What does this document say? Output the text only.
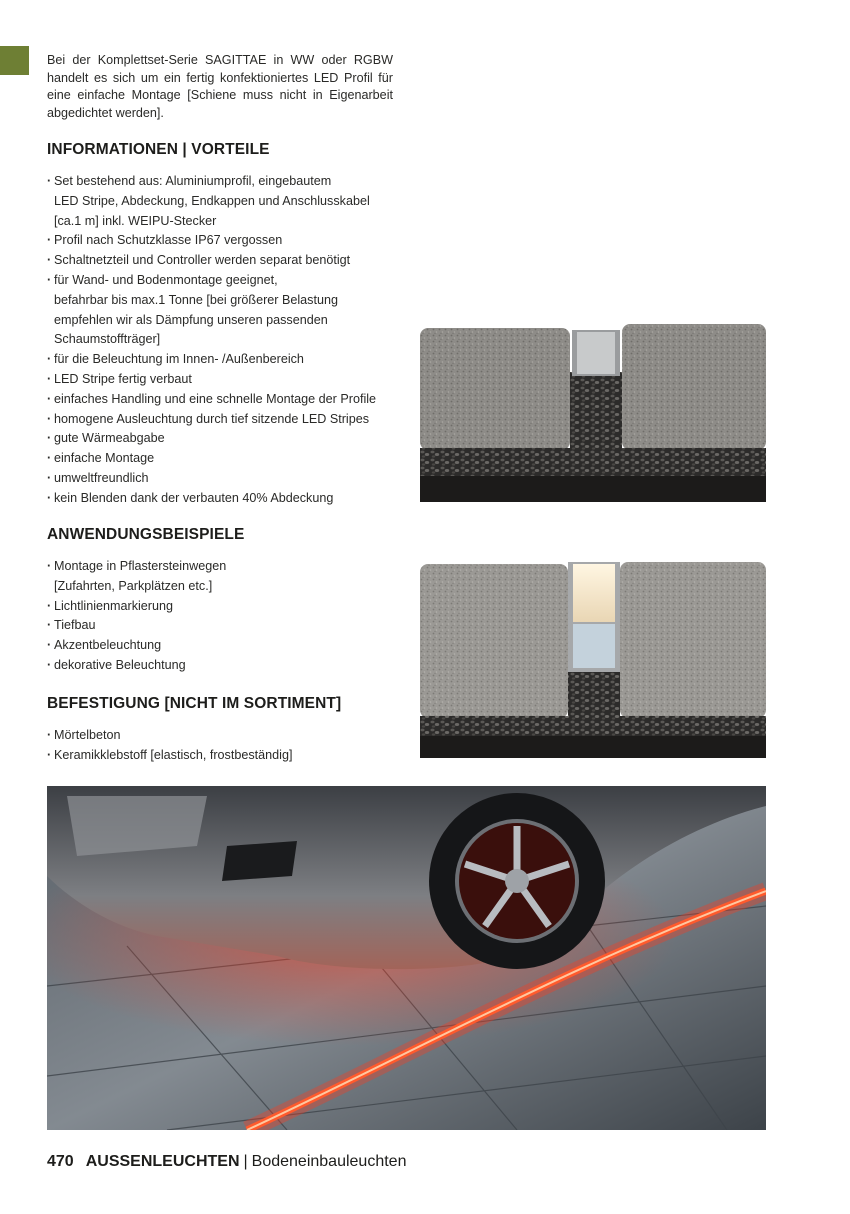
Bei der Komplettset-Serie SAGITTAE in WW oder RGBW handelt es sich um ein fertig konfektioniertes LED Profil für eine einfache Montage [Schiene muss nicht in Eigenarbeit abgedichtet werden].

INFORMATIONEN | VORTEILE
· Set bestehend aus: Aluminiumprofil, eingebautem
LED Stripe, Abdeckung, Endkappen und Anschlusskabel
[ca.1 m] inkl. WEIPU-Stecker
· Profil nach Schutzklasse IP67 vergossen
· Schaltnetzteil und Controller werden separat benötigt
· für Wand- und Bodenmontage geeignet,
befahrbar bis max.1 Tonne [bei größerer Belastung
empfehlen wir als Dämpfung unseren passenden
Schaumstoffträger]
· für die Beleuchtung im Innen- /Außenbereich
· LED Stripe fertig verbaut
· einfaches Handling und eine schnelle Montage der Profile
· homogene Ausleuchtung durch tief sitzende LED Stripes
· gute Wärmeabgabe
· einfache Montage
· umweltfreundlich
· kein Blenden dank der verbauten 40% Abdeckung
ANWENDUNGSBEISPIELE
· Montage in Pflastersteinwegen
[Zufahrten, Parkplätzen etc.]
· Lichtlinienmarkierung
· Tiefbau
· Akzentbeleuchtung
· dekorative Beleuchtung
BEFESTIGUNG [NICHT IM SORTIMENT]
· Mörtelbeton
· Keramikklebstoff [elastisch, frostbeständig]
470 AUSSENLEUCHTEN | Bodeneinbauleuchten
